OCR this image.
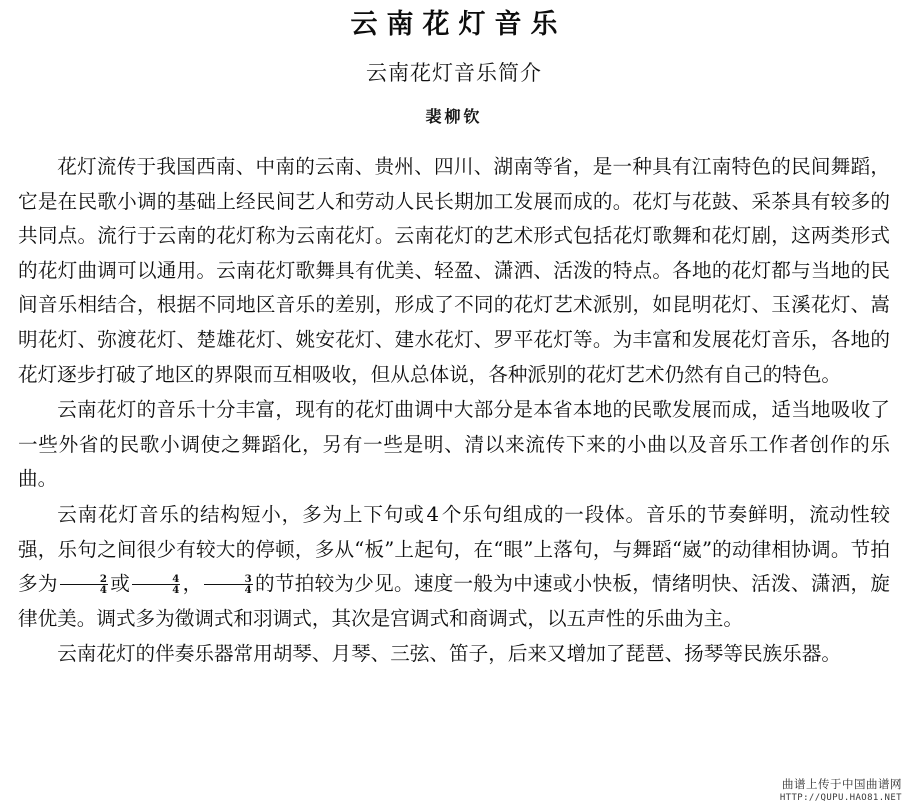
云南花灯音乐
云南花灯音乐简介
裴柳钦

花灯流传于我国西南、中南的云南、贵州、四川、湖南等省，是一种具有江南特色的民间舞蹈，它是在民歌小调的基础上经民间艺人和劳动人民长期加工发展而成的。花灯与花鼓、采茶具有较多的共同点。流行于云南的花灯称为云南花灯。云南花灯的艺术形式包括花灯歌舞和花灯剧，这两类形式的花灯曲调可以通用。云南花灯歌舞具有优美、轻盈、潇洒、活泼的特点。各地的花灯都与当地的民间音乐相结合，根据不同地区音乐的差别，形成了不同的花灯艺术派别，如昆明花灯、玉溪花灯、嵩明花灯、弥渡花灯、楚雄花灯、姚安花灯、建水花灯、罗平花灯等。为丰富和发展花灯音乐，各地的花灯逐步打破了地区的界限而互相吸收，但从总体说，各种派别的花灯艺术仍然有自己的特色。

云南花灯的音乐十分丰富，现有的花灯曲调中大部分是本省本地的民歌发展而成，适当地吸收了一些外省的民歌小调使之舞蹈化，另有一些是明、清以来流传下来的小曲以及音乐工作者创作的乐曲。

云南花灯音乐的结构短小，多为上下句或 4 个乐句组成的一段体。音乐的节奏鲜明，流动性较强，乐句之间很少有较大的停顿，多从“板”上起句，在“眼”上落句，与舞蹈“崴”的动律相协调。节拍多为 $\frac{2}{4}$ 或 $\frac{4}{4}$ ， $\frac{3}{4}$ 的节拍较为少见。速度一般为中速或小快板，情绪明快、活泼、潇洒，旋律优美。调式多为徵调式和羽调式，其次是宫调式和商调式，以五声性的乐曲为主。

云南花灯的伴奏乐器常用胡琴、月琴、三弦、笛子，后来又增加了琵琶、扬琴等民族乐器。

曲谱上传于中国曲谱网
HTTP://QUPU.HAO81.NET
